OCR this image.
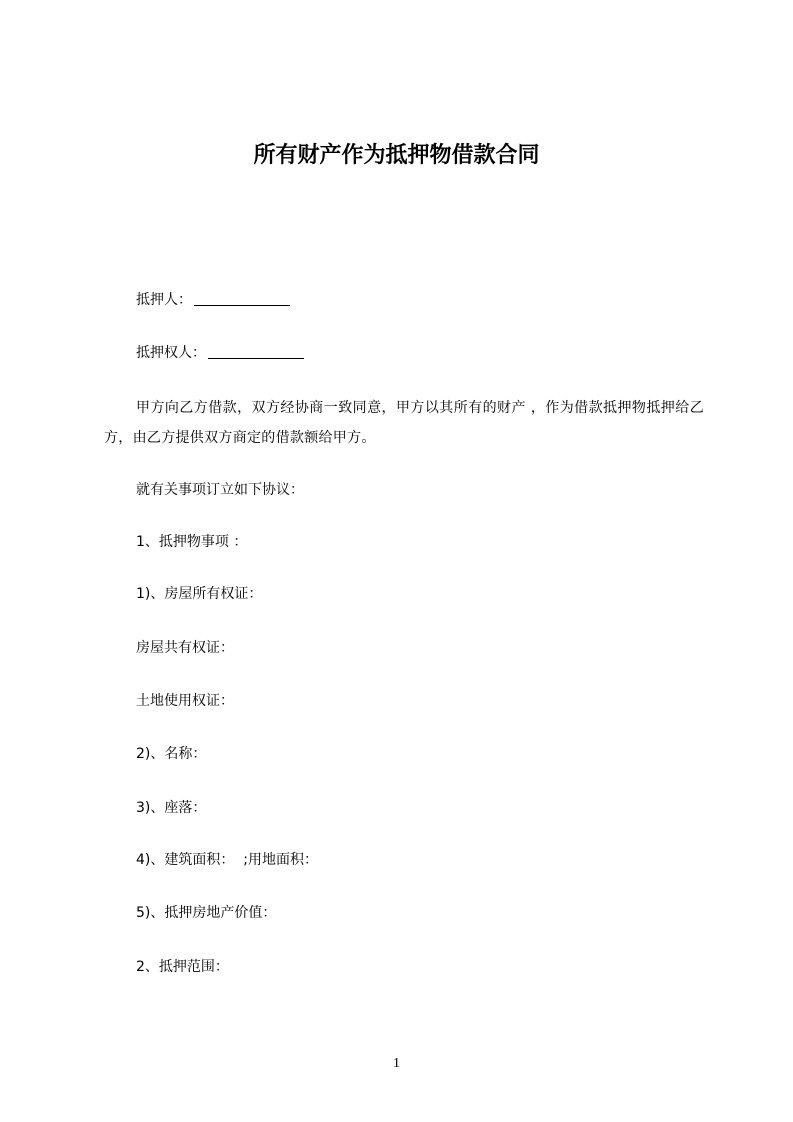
所有财产作为抵押物借款合同
抵押人：
抵押权人：
甲方向乙方借款，双方经协商一致同意，甲方以其所有的财产 ，作为借款抵押物抵押给乙方，由乙方提供双方商定的借款额给甲方。
就有关事项订立如下协议：
1、抵押物事项 ：
1)、房屋所有权证：
房屋共有权证：
土地使用权证：
2)、名称：
3)、座落：
4)、建筑面积：  ;用地面积：
5)、抵押房地产价值：
2、抵押范围：
1
